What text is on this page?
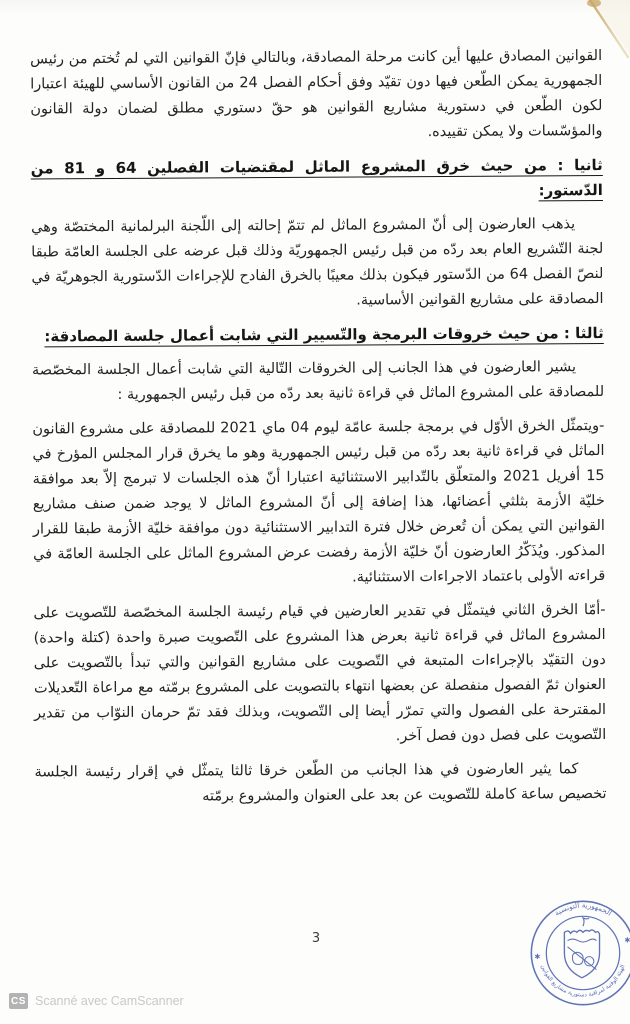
القوانين المصادق عليها أين كانت مرحلة المصادقة، وبالتالي فإنّ القوانين التي لم تُختم من رئيس الجمهورية يمكن الطّعن فيها دون تقيّد وفق أحكام الفصل 24 من القانون الأساسي للهيئة اعتبارا لكون الطّعن في دستورية مشاريع القوانين هو حقّ دستوري مطلق لضمان دولة القانون والمؤسّسات ولا يمكن تقييده.

ثانيا : من حيث خرق المشروع الماثل لمقتضيات الفصلين 64 و 81 من الدّستور:

يذهب العارضون إلى أنّ المشروع الماثل لم تتمّ إحالته إلى اللّجنة البرلمانية المختصّة وهي لجنة التّشريع العام بعد ردّه من قبل رئيس الجمهوريّة وذلك قبل عرضه على الجلسة العامّة طبقا لنصّ الفصل 64 من الدّستور فيكون بذلك معيبًا بالخرق الفادح للإجراءات الدّستورية الجوهريّة في المصادقة على مشاريع القوانين الأساسية.

ثالثا : من حيث خروقات البرمجة والتّسيير التي شابت أعمال جلسة المصادقة:

يشير العارضون في هذا الجانب إلى الخروقات التّالية التي شابت أعمال الجلسة المخصّصة للمصادقة على المشروع الماثل في قراءة ثانية بعد ردّه من قبل رئيس الجمهورية :

-ويتمثّل الخرق الأوّل في برمجة جلسة عامّة ليوم 04 ماي 2021 للمصادقة على مشروع القانون الماثل في قراءة ثانية بعد ردّه من قبل رئيس الجمهورية وهو ما يخرق قرار المجلس المؤرخ في 15 أفريل 2021 والمتعلّق بالتّدابير الاستثنائية اعتبارا أنّ هذه الجلسات لا تبرمج إلاّ بعد موافقة خليّة الأزمة بثلثي أعضائها، هذا إضافة إلى أنّ المشروع الماثل لا يوجد ضمن صنف مشاريع القوانين التي يمكن أن تُعرض خلال فترة التدابير الاستثنائية دون موافقة خليّة الأزمة طبقا للقرار المذكور. ويُذَكّرُ العارضون أنّ خليّة الأزمة رفضت عرض المشروع الماثل على الجلسة العامّة في قراءته الأولى باعتماد الاجراءات الاستثنائية.

-أمّا الخرق الثاني فيتمثّل في تقدير العارضين في قيام رئيسة الجلسة المخصّصة للتّصويت على المشروع الماثل في قراءة ثانية بعرض هذا المشروع على التّصويت صبرة واحدة (كتلة واحدة) دون التقيّد بالإجراءات المتبعة في التّصويت على مشاريع القوانين والتي تبدأ بالتّصويت على العنوان ثمّ الفصول منفصلة عن بعضها انتهاء بالتصويت على المشروع برمّته مع مراعاة التّعديلات المقترحة على الفصول والتي تمرّر أيضا إلى التّصويت، وبذلك فقد تمّ حرمان النوّاب من تقدير التّصويت على فصل دون فصل آخر.

كما يثير العارضون في هذا الجانب من الطّعن خرقا ثالثا يتمثّل في إقرار رئيسة الجلسة تخصيص ساعة كاملة للتّصويت عن بعد على العنوان والمشروع برمّته

3
الجمهورية التونسية
الهيئة الوقتية لمراقبة دستورية مشاريع القوانين
✱
✱
CS Scanné avec CamScanner
